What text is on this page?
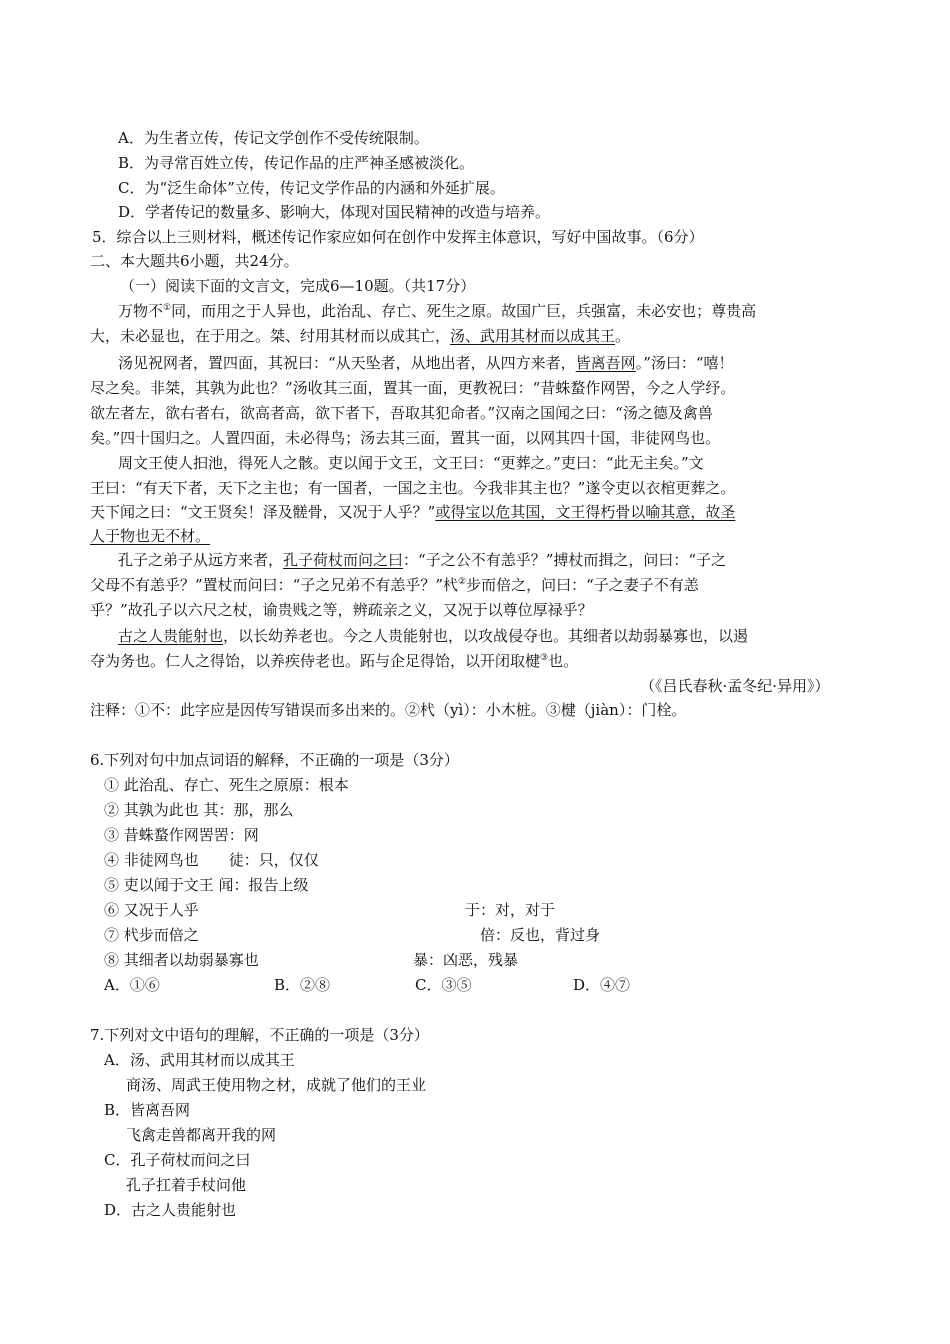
A．为生者立传，传记文学创作不受传统限制。
B．为寻常百姓立传，传记作品的庄严神圣感被淡化。
C．为“泛生命体”立传，传记文学作品的内涵和外延扩展。
D．学者传记的数量多、影响大，体现对国民精神的改造与培养。
5．综合以上三则材料，概述传记作家应如何在创作中发挥主体意识，写好中国故事。（6分）
二、本大题共6小题，共24分。
（一）阅读下面的文言文，完成6—10题。（共17分）
万物不①同，而用之于人异也，此治乱、存亡、死生之原。故国广巨，兵强富，未必安也；尊贵高
大，未必显也，在于用之。桀、纣用其材而以成其亡，汤、武用其材而以成其王。
汤见祝网者，置四面，其祝曰：“从天坠者，从地出者，从四方来者，皆离吾网。”汤曰：“嘻！
尽之矣。非桀，其孰为此也？”汤收其三面，置其一面，更教祝曰：“昔蛛蝥作网罟，今之人学纾。
欲左者左，欲右者右，欲高者高，欲下者下，吾取其犯命者。”汉南之国闻之曰：“汤之德及禽兽
矣。”四十国归之。人置四面，未必得鸟；汤去其三面，置其一面，以网其四十国，非徒网鸟也。
周文王使人抇池，得死人之骸。吏以闻于文王，文王曰：“更葬之。”吏曰：“此无主矣。”文
王曰：“有天下者，天下之主也；有一国者，一国之主也。今我非其主也？”遂令吏以衣棺更葬之。
天下闻之曰：“文王贤矣！泽及髊骨，又况于人乎？”或得宝以危其国，文王得朽骨以喻其意，故圣
人于物也无不材。
孔子之弟子从远方来者，孔子荷杖而问之曰：“子之公不有恙乎？”搏杖而揖之，问曰：“子之
父母不有恙乎？”置杖而问曰：“子之兄弟不有恙乎？”杙②步而倍之，问曰：“子之妻子不有恙
乎？”故孔子以六尺之杖，谕贵贱之等，辨疏亲之义，又况于以尊位厚禄乎？
古之人贵能射也，以长幼养老也。今之人贵能射也，以攻战侵夺也。其细者以劫弱暴寡也，以遏
夺为务也。仁人之得饴，以养疾侍老也。跖与企足得饴，以开闭取楗③也。
（《吕氏春秋·孟冬纪·异用》）
注释：①不：此字应是因传写错误而多出来的。②杙（yì）：小木桩。③楗（jiàn）：门栓。
6.下列对句中加点词语的解释，不正确的一项是（3分）
① 此治乱、存亡、死生之原原：根本
② 其孰为此也 其：那，那么
③ 昔蛛蝥作网罟罟：网
④ 非徒网鸟也　　徒：只，仅仅
⑤ 吏以闻于文王 闻：报告上级
⑥ 又况于人乎	于：对，对于
⑦ 杙步而倍之	倍：反也，背过身
⑧ 其细者以劫弱暴寡也	暴：凶恶，残暴
A．①⑥	B．②⑧	C．③⑤	D．④⑦
7.下列对文中语句的理解，不正确的一项是（3分）
A．汤、武用其材而以成其王
商汤、周武王使用物之材，成就了他们的王业
B．皆离吾网
飞禽走兽都离开我的网
C．孔子荷杖而问之曰
孔子扛着手杖问他
D．古之人贵能射也
